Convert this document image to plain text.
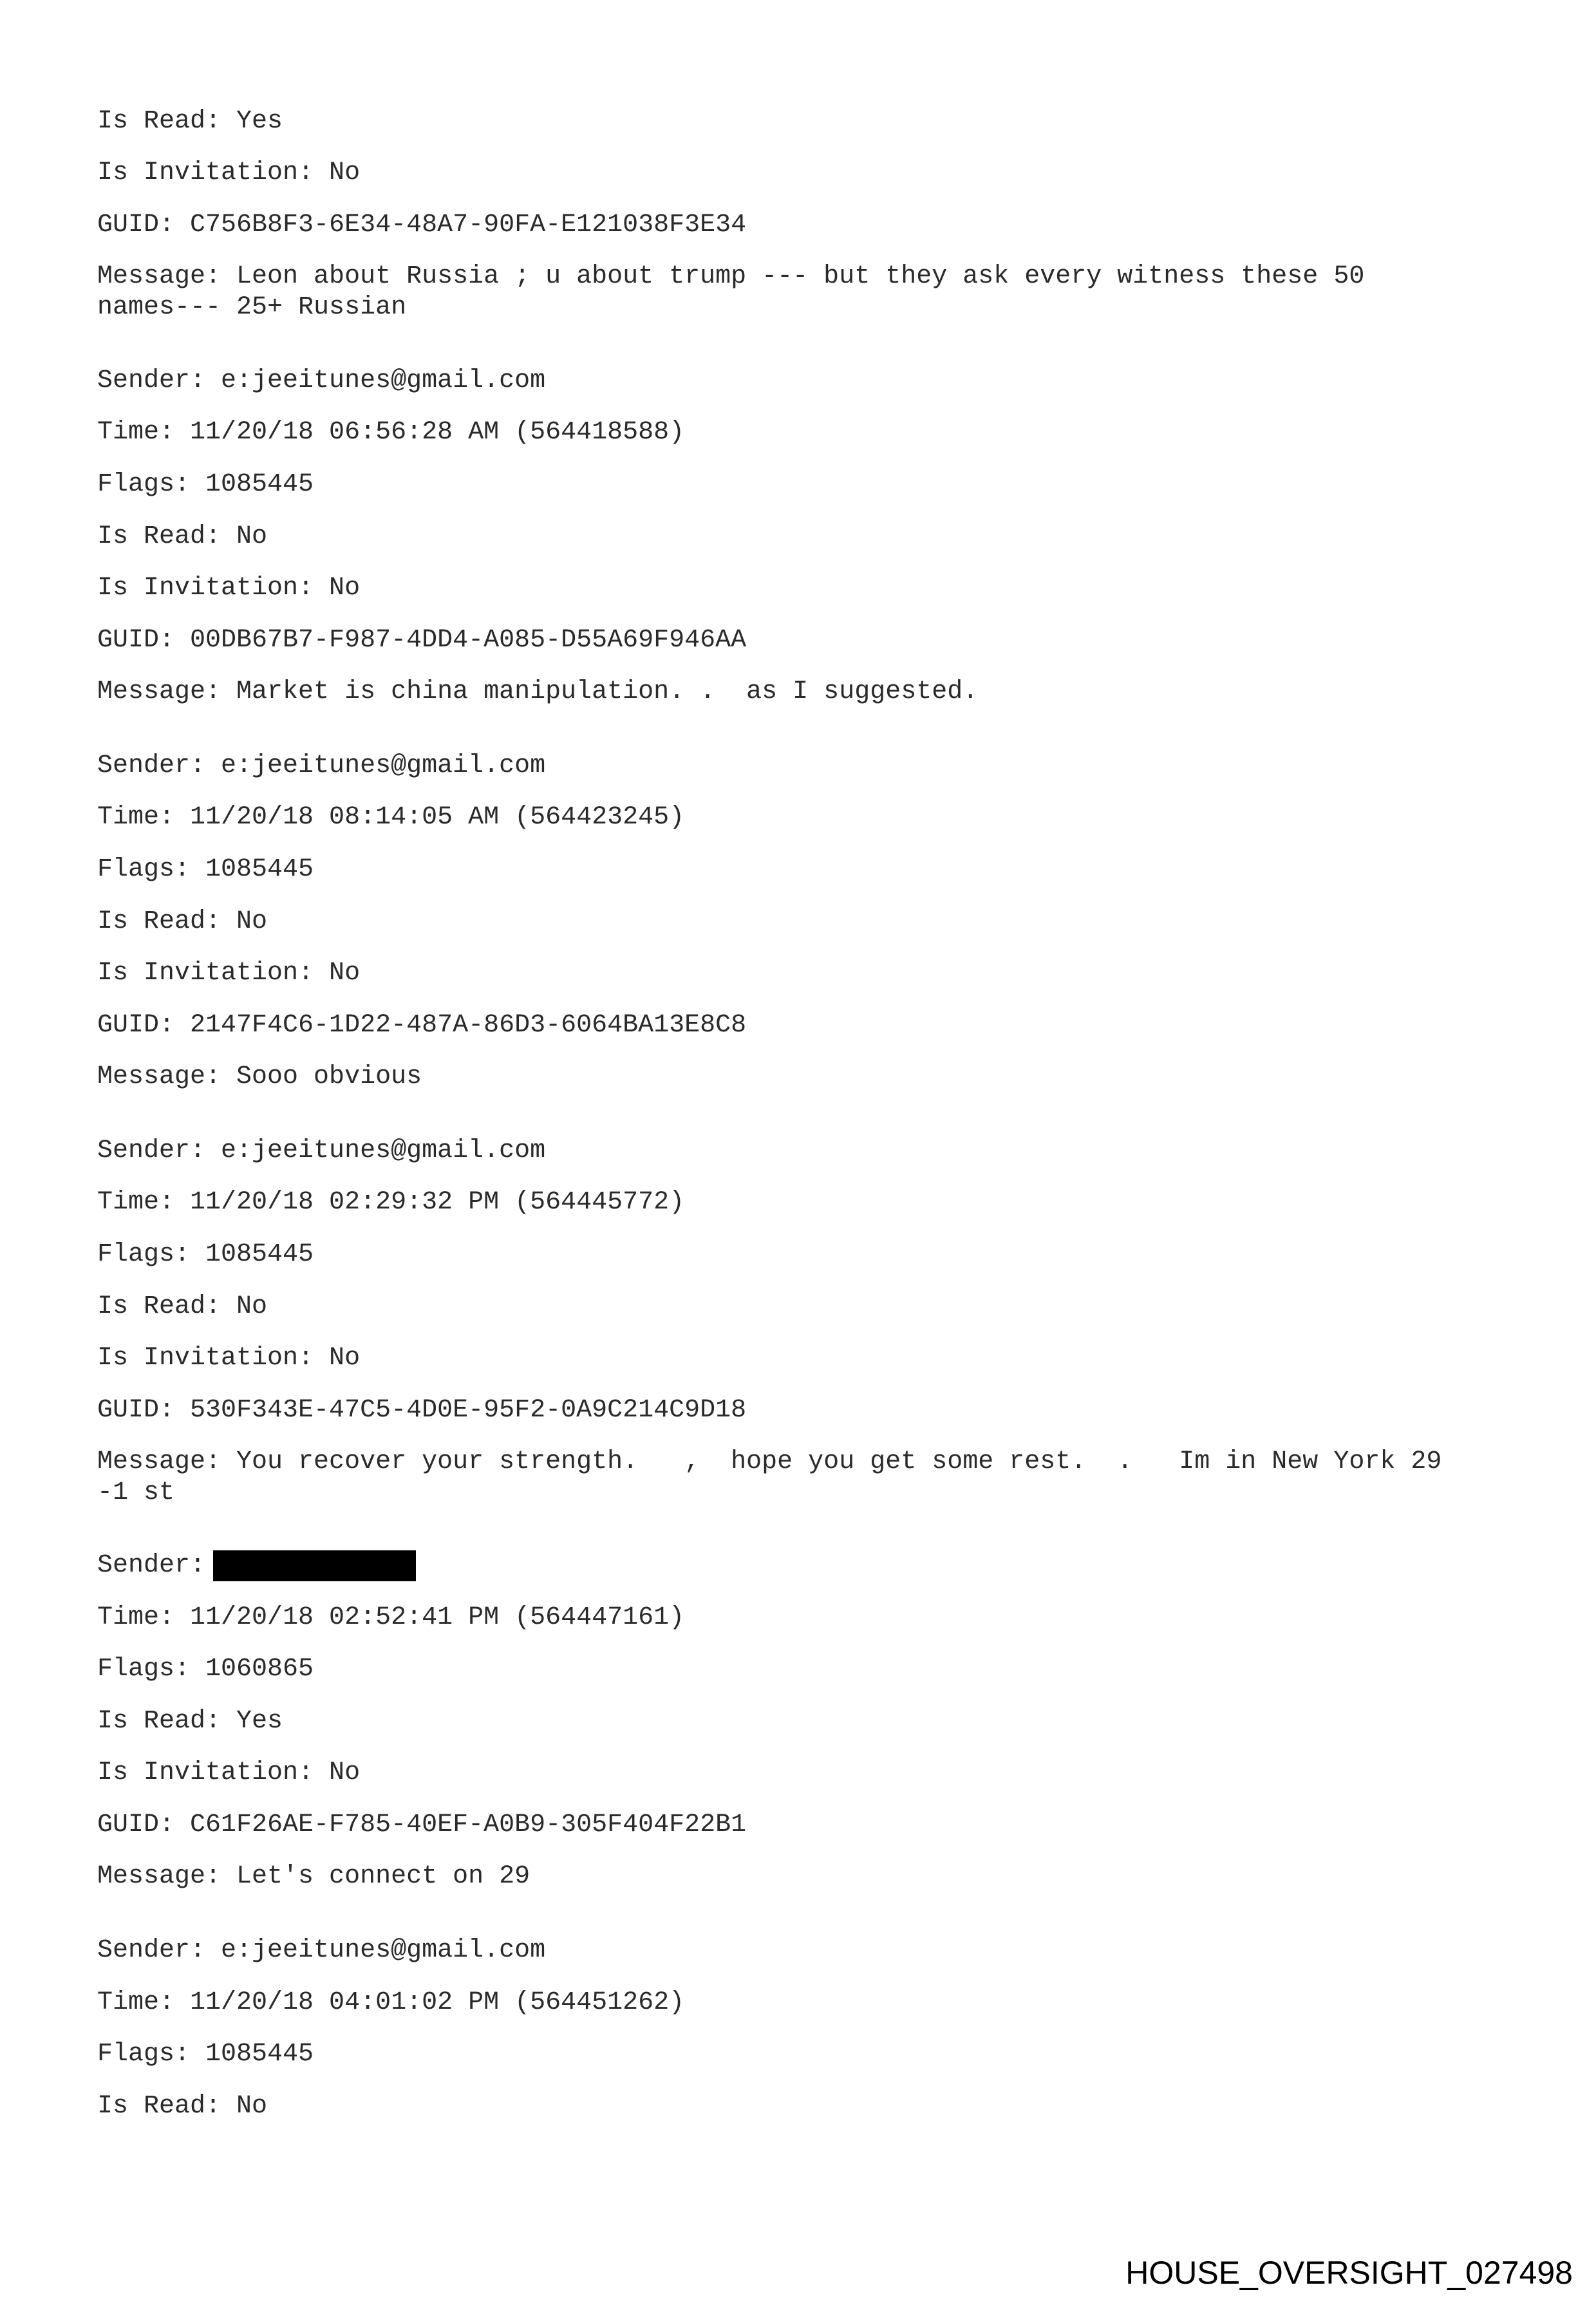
Is Read: Yes
Is Invitation: No
GUID: C756B8F3-6E34-48A7-90FA-E121038F3E34
Message: Leon about Russia ; u about trump --- but they ask every witness these 50
names--- 25+ Russian
Sender: e:jeeitunes@gmail.com
Time: 11/20/18 06:56:28 AM (564418588)
Flags: 1085445
Is Read: No
Is Invitation: No
GUID: 00DB67B7-F987-4DD4-A085-D55A69F946AA
Message: Market is china manipulation. .  as I suggested.
Sender: e:jeeitunes@gmail.com
Time: 11/20/18 08:14:05 AM (564423245)
Flags: 1085445
Is Read: No
Is Invitation: No
GUID: 2147F4C6-1D22-487A-86D3-6064BA13E8C8
Message: Sooo obvious
Sender: e:jeeitunes@gmail.com
Time: 11/20/18 02:29:32 PM (564445772)
Flags: 1085445
Is Read: No
Is Invitation: No
GUID: 530F343E-47C5-4D0E-95F2-0A9C214C9D18
Message: You recover your strength.   ,  hope you get some rest.  .   Im in New York 29
-1 st
Sender:
Time: 11/20/18 02:52:41 PM (564447161)
Flags: 1060865
Is Read: Yes
Is Invitation: No
GUID: C61F26AE-F785-40EF-A0B9-305F404F22B1
Message: Let's connect on 29
Sender: e:jeeitunes@gmail.com
Time: 11/20/18 04:01:02 PM (564451262)
Flags: 1085445
Is Read: No
HOUSE_OVERSIGHT_027498
